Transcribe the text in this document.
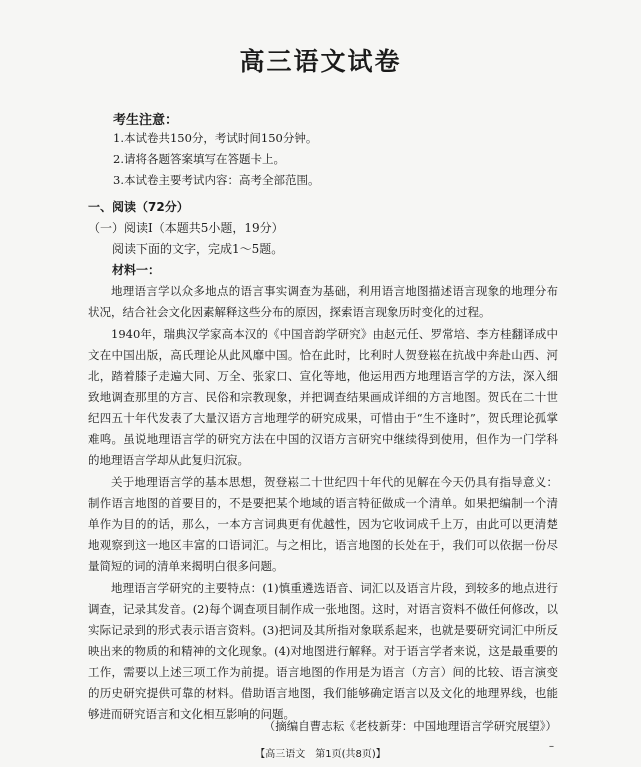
高三语文试卷
考生注意：
1.本试卷共150分，考试时间150分钟。
2.请将各题答案填写在答题卡上。
3.本试卷主要考试内容：高考全部范围。
一、阅读（72分）
（一）阅读Ⅰ（本题共5小题，19分）
阅读下面的文字，完成1～5题。
材料一：

地理语言学以众多地点的语言事实调查为基础，利用语言地图描述语言现象的地理分布状况，结合社会文化因素解释这些分布的原因，探索语言现象历时变化的过程。

1940年，瑞典汉学家高本汉的《中国音韵学研究》由赵元任、罗常培、李方桂翻译成中文在中国出版，高氏理论从此风靡中国。恰在此时，比利时人贺登崧在抗战中奔赴山西、河北，踏着膝子走遍大同、万全、张家口、宣化等地，他运用西方地理语言学的方法，深入细致地调查那里的方言、民俗和宗教现象，并把调查结果画成详细的方言地图。贺氏在二十世纪四五十年代发表了大量汉语方言地理学的研究成果，可惜由于“生不逢时”，贺氏理论孤掌难鸣。虽说地理语言学的研究方法在中国的汉语方言研究中继续得到使用，但作为一门学科的地理语言学却从此复归沉寂。

关于地理语言学的基本思想，贺登崧二十世纪四十年代的见解在今天仍具有指导意义：制作语言地图的首要目的，不是要把某个地域的语言特征做成一个清单。如果把编制一个清单作为目的的话，那么，一本方言词典更有优越性，因为它收词成千上万，由此可以更清楚地观察到这一地区丰富的口语词汇。与之相比，语言地图的长处在于，我们可以依据一份尽量简短的词的清单来揭明白很多问题。

地理语言学研究的主要特点：(1)慎重遴选语音、词汇以及语言片段，到较多的地点进行调查，记录其发音。(2)每个调查项目制作成一张地图。这时，对语言资料不做任何修改，以实际记录到的形式表示语言资料。(3)把词及其所指对象联系起来，也就是要研究词汇中所反映出来的物质的和精神的文化现象。(4)对地图进行解释。对于语言学者来说，这是最重要的工作，需要以上述三项工作为前提。语言地图的作用是为语言（方言）间的比较、语言演变的历史研究提供可靠的材料。借助语言地图，我们能够确定语言以及文化的地理界线，也能够进而研究语言和文化相互影响的问题。

（摘编自曹志耘《老枝新芽：中国地理语言学研究展望》）
【高三语文　第1页(共8页)】
–
